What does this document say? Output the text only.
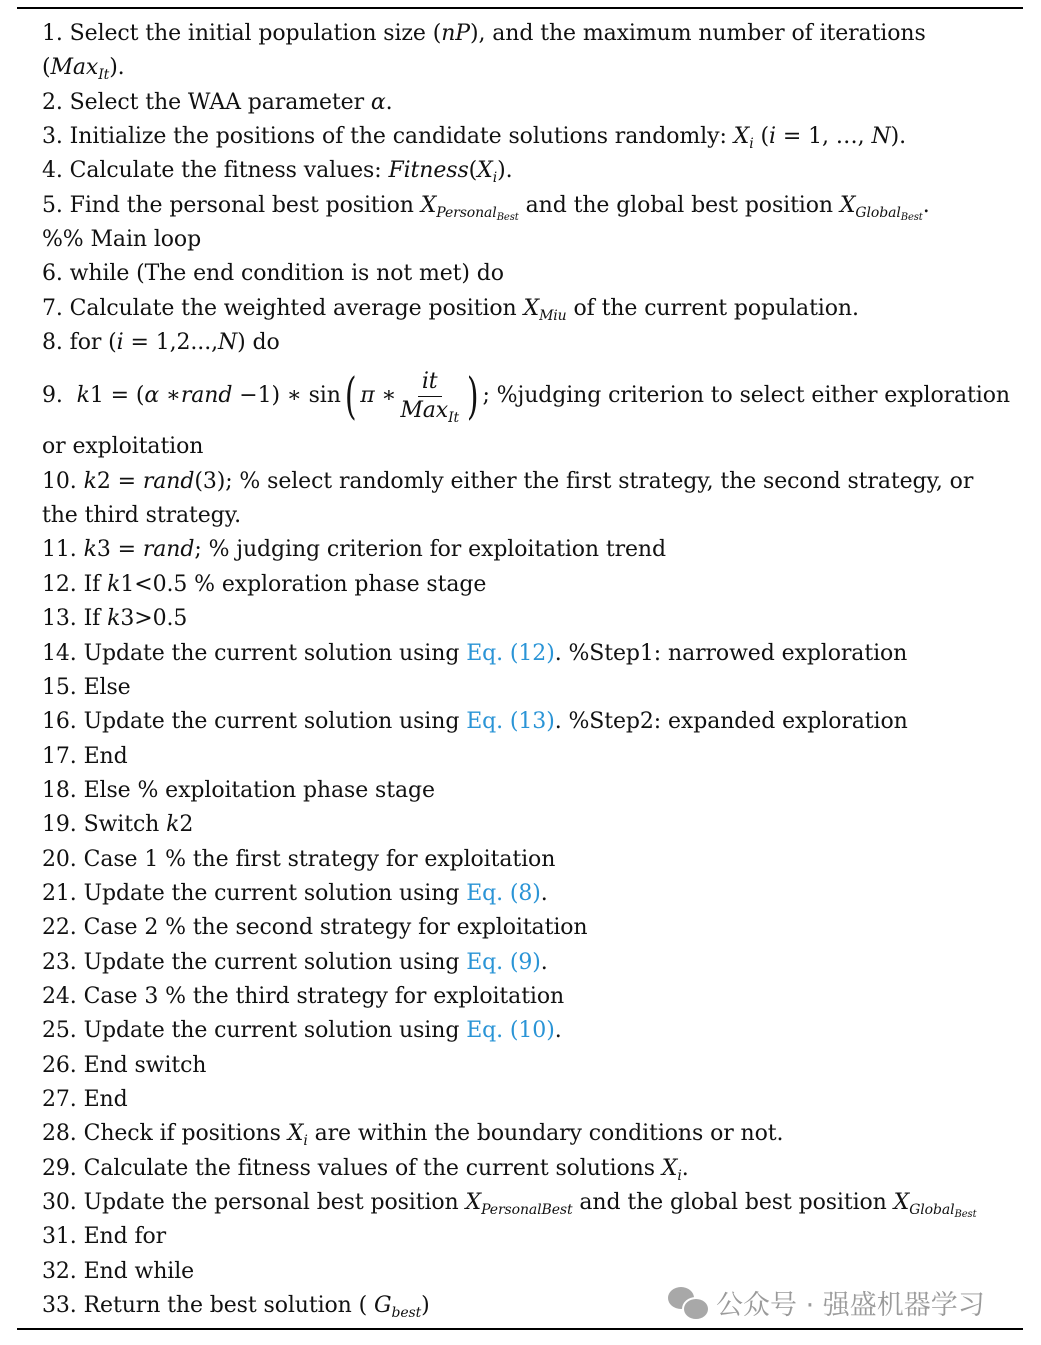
1. Select the initial population size (nP), and the maximum number of iterations
(Max$_{It}$).
2. Select the WAA parameter α.
3. Initialize the positions of the candidate solutions randomly: $X_i$ (i = 1, …, N).
4. Calculate the fitness values: $Fitness(X_i)$.
5. Find the personal best position $X_{Personal_{Best}}$ and the global best position $X_{Global_{Best}}$.
%% Main loop
6. while (The end condition is not met) do
7. Calculate the weighted average position $X_{Miu}$ of the current population.
8. for (i = 1,2...,N) do
9. k 1 = ( α ∗ rand −1) ∗ sin ( π ∗ $\frac{it}{Max_{It}}$ ) ; %judging criterion to select either exploration
or exploitation
10. k2 = rand(3); % select randomly either the first strategy, the second strategy, or
the third strategy.
11. k3 = rand; % judging criterion for exploitation trend
12. If k1<0.5 % exploration phase stage
13. If k3>0.5
14. Update the current solution using Eq. (12). %Step1: narrowed exploration
15. Else
16. Update the current solution using Eq. (13). %Step2: expanded exploration
17. End
18. Else % exploitation phase stage
19. Switch k2
20. Case 1 % the first strategy for exploitation
21. Update the current solution using Eq. (8).
22. Case 2 % the second strategy for exploitation
23. Update the current solution using Eq. (9).
24. Case 3 % the third strategy for exploitation
25. Update the current solution using Eq. (10).
26. End switch
27. End
28. Check if positions $X_i$ are within the boundary conditions or not.
29. Calculate the fitness values of the current solutions $X_i$.
30. Update the personal best position $X_{PersonalBest}$ and the global best position $X_{Global_{Best}}$
31. End for
32. End while
33. Return the best solution ( $G_{best}$)	公众号 · 强盛机器学习
